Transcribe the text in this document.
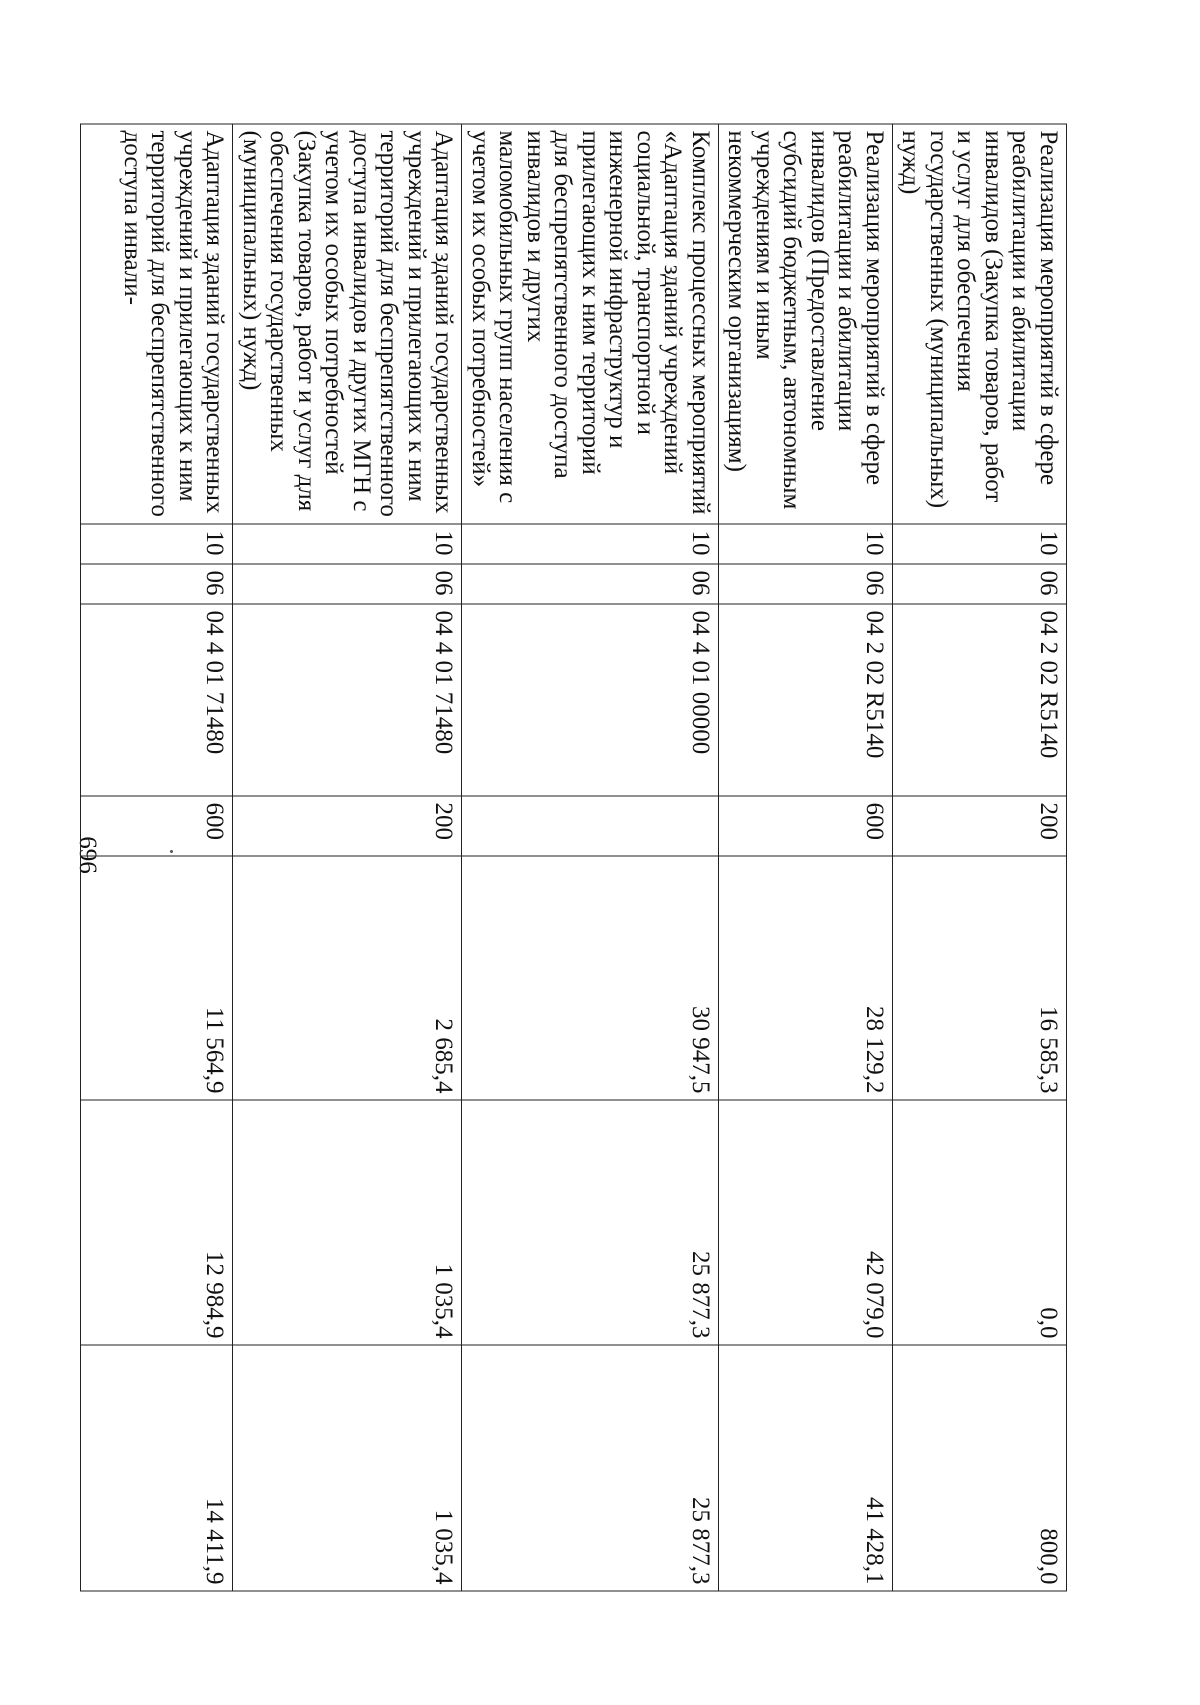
696
Реализация мероприятий в сфере реабилитации и абилитации инвалидов (Закупка товаров, работ и услуг для обеспечения государственных (муниципальных) нужд)	10	06	04 2 02 R5140	200	16 585,3	0,0	800,0
Реализация мероприятий в сфере реабилитации и абилитации инвалидов (Предоставление субсидий бюджетным, автономным учреждениям и иным некоммерческим организациям)	10	06	04 2 02 R5140	600	28 129,2	42 079,0	41 428,1
Комплекс процессных мероприятий «Адаптация зданий учреждений социальной, транспортной и инженерной инфраструктур и прилегающих к ним территорий для беспрепятственного доступа инвалидов и других маломобильных групп населения с учетом их особых потребностей»	10	06	04 4 01 00000		30 947,5	25 877,3	25 877,3
Адаптация зданий государственных учреждений и прилегающих к ним территорий для беспрепятственного доступа инвалидов и других МГН с учетом их особых потребностей (Закупка товаров, работ и услуг для обеспечения государственных (муниципальных) нужд)	10	06	04 4 01 71480	200	2 685,4	1 035,4	1 035,4
Адаптация зданий государственных учреждений и прилегающих к ним территорий для беспрепятственного доступа инвали-	10	06	04 4 01 71480	600	11 564,9	12 984,9	14 411,9
